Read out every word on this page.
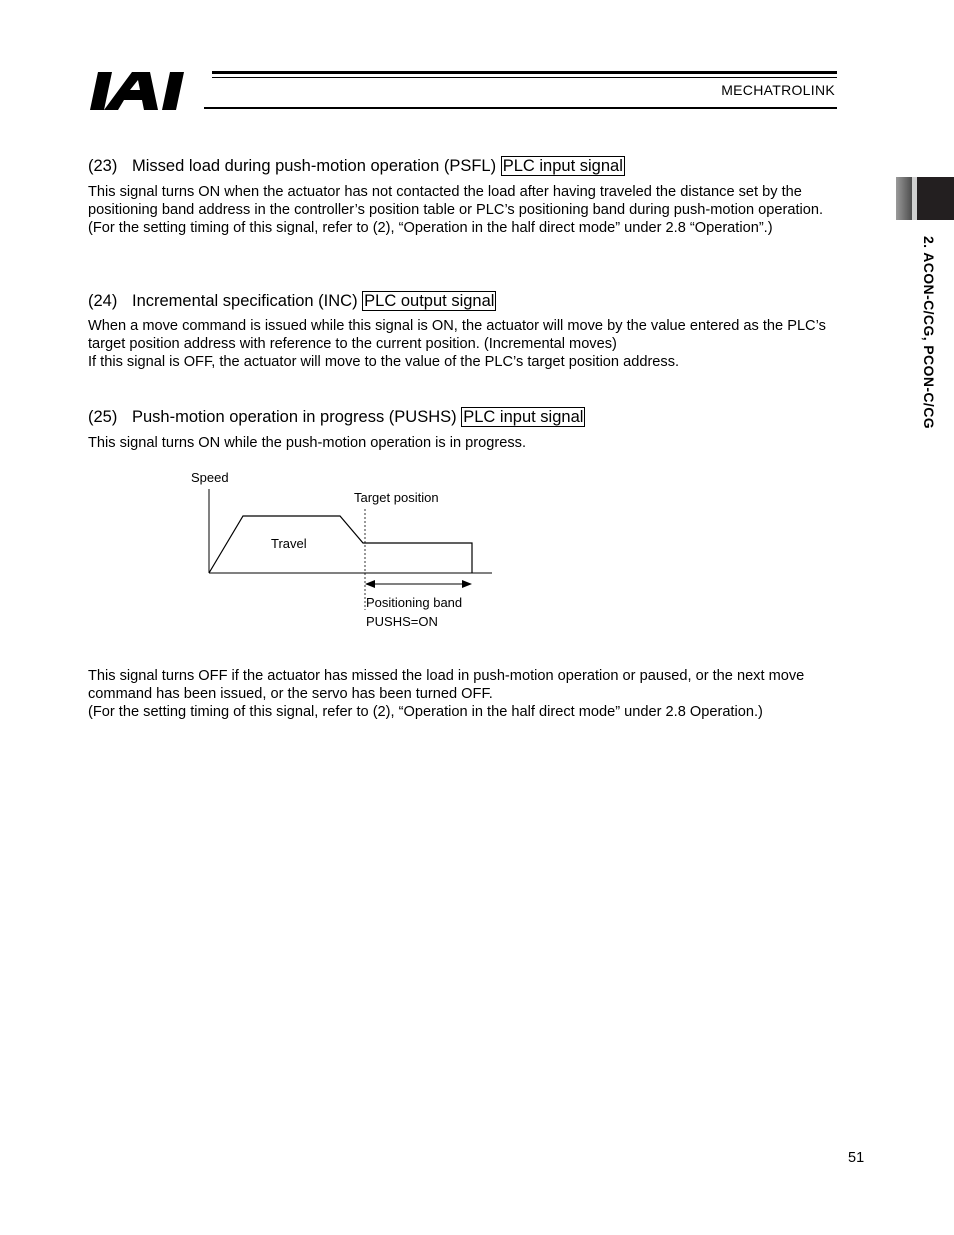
MECHATROLINK
2. ACON-C/CG, PCON-C/CG
(23) Missed load during push-motion operation (PSFL) PLC input signal

This signal turns ON when the actuator has not contacted the load after having traveled the distance set by the positioning band address in the controller’s position table or PLC’s positioning band during push-motion operation.

(For the setting timing of this signal, refer to (2), “Operation in the half direct mode” under 2.8 “Operation”.)

(24) Incremental specification (INC) PLC output signal

When a move command is issued while this signal is ON, the actuator will move by the value entered as the PLC’s target position address with reference to the current position. (Incremental moves)

If this signal is OFF, the actuator will move to the value of the PLC’s target position address.

(25) Push-motion operation in progress (PUSHS) PLC input signal

This signal turns ON while the push-motion operation is in progress.

Speed
Target position
Travel
Positioning band
PUSHS=ON

This signal turns OFF if the actuator has missed the load in push-motion operation or paused, or the next move command has been issued, or the servo has been turned OFF.

(For the setting timing of this signal, refer to (2), “Operation in the half direct mode” under 2.8 Operation.)

51
